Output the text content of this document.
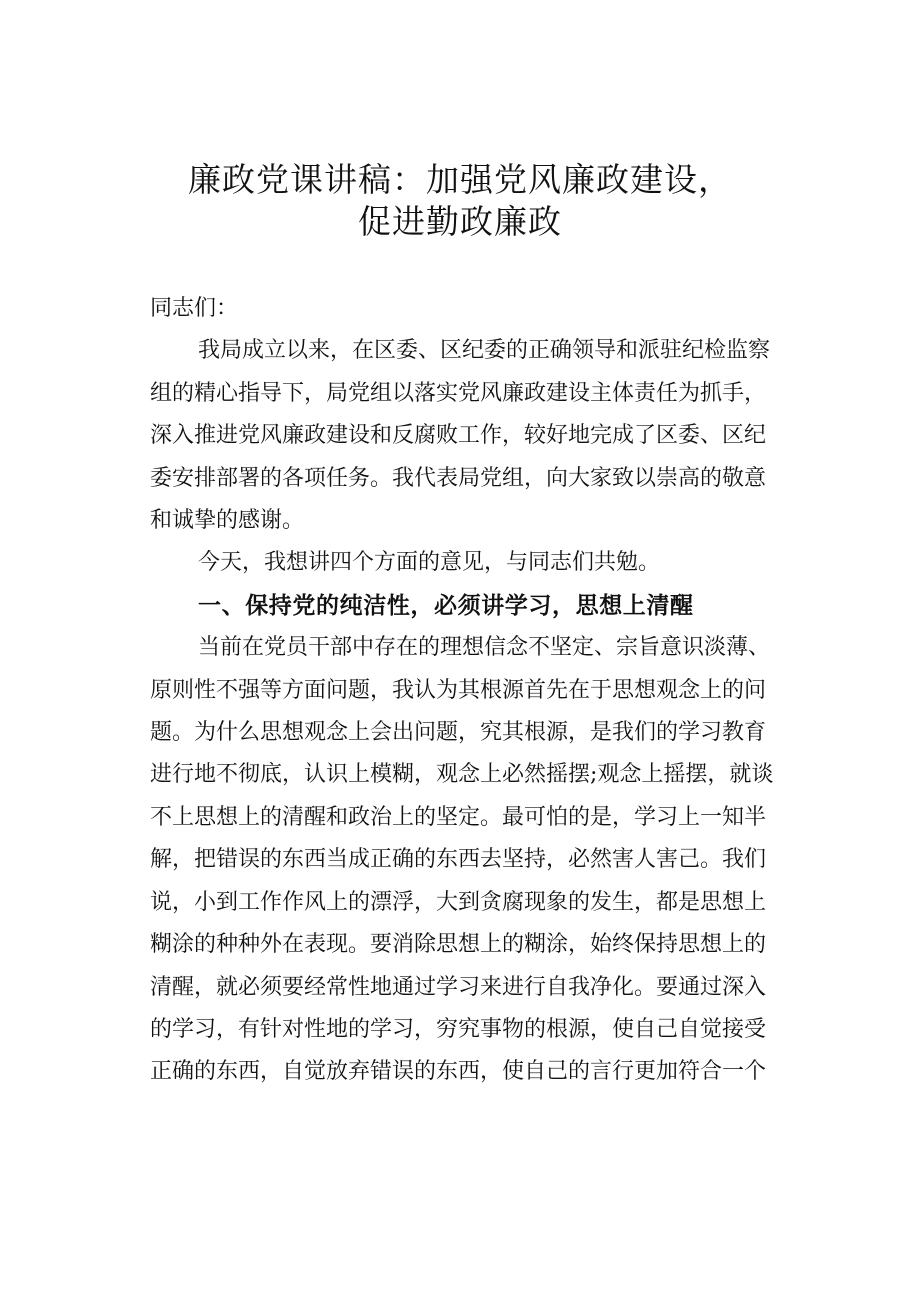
廉政党课讲稿：加强党风廉政建设，
促进勤政廉政

同志们：

我局成立以来，在区委、区纪委的正确领导和派驻纪检监察
组的精心指导下，局党组以落实党风廉政建设主体责任为抓手，
深入推进党风廉政建设和反腐败工作，较好地完成了区委、区纪
委安排部署的各项任务。我代表局党组，向大家致以崇高的敬意
和诚挚的感谢。

今天，我想讲四个方面的意见，与同志们共勉。

一、保持党的纯洁性，必须讲学习，思想上清醒

当前在党员干部中存在的理想信念不坚定、宗旨意识淡薄、
原则性不强等方面问题，我认为其根源首先在于思想观念上的问
题。为什么思想观念上会出问题，究其根源，是我们的学习教育
进行地不彻底，认识上模糊，观念上必然摇摆;观念上摇摆，就谈
不上思想上的清醒和政治上的坚定。最可怕的是，学习上一知半
解，把错误的东西当成正确的东西去坚持，必然害人害己。我们
说，小到工作作风上的漂浮，大到贪腐现象的发生，都是思想上
糊涂的种种外在表现。要消除思想上的糊涂，始终保持思想上的
清醒，就必须要经常性地通过学习来进行自我净化。要通过深入
的学习，有针对性地的学习，穷究事物的根源，使自己自觉接受
正确的东西，自觉放弃错误的东西，使自己的言行更加符合一个
